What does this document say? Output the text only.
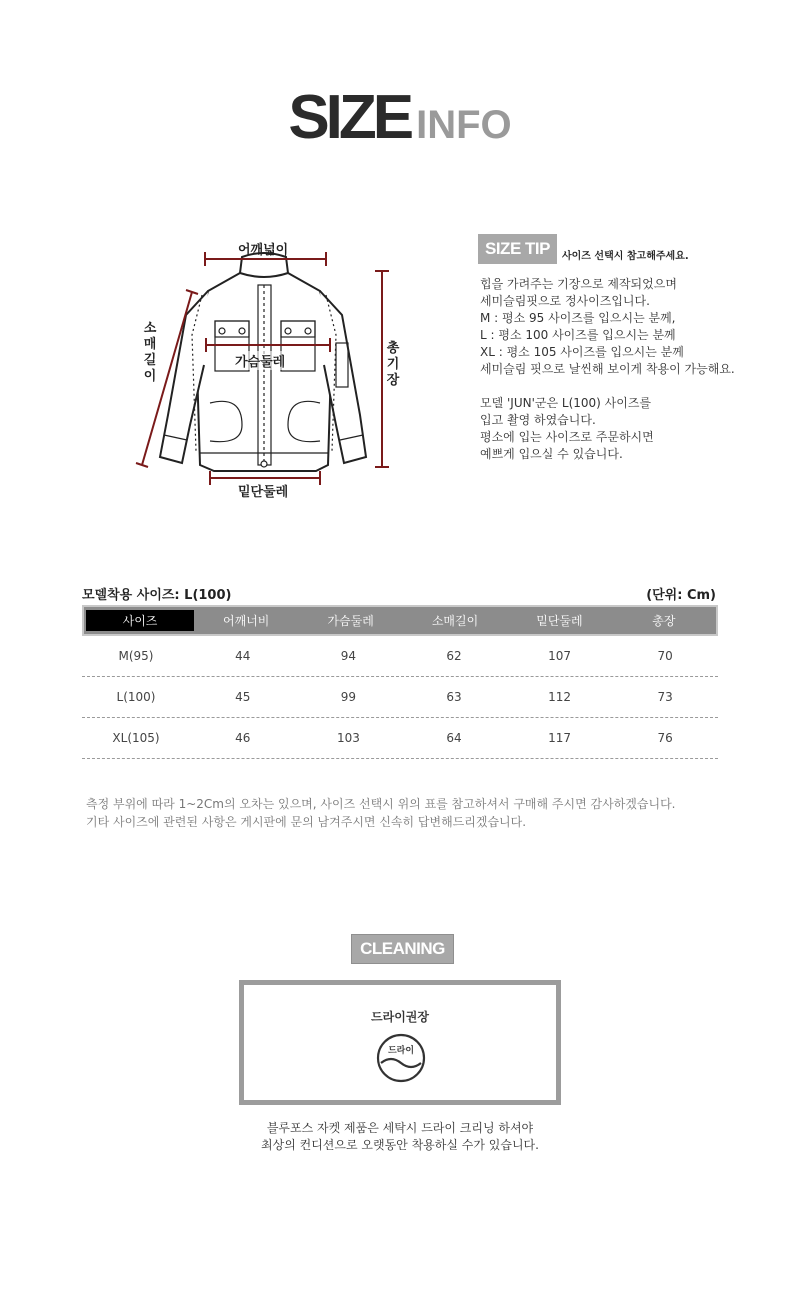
SIZE INFO
어깨넓이
가슴둘레
밑단둘레
소매길이
총기장
SIZE TIP	사이즈 선택시 참고해주세요.

힙을 가려주는 기장으로 제작되었으며

세미슬림핏으로 정사이즈입니다.

M : 평소 95 사이즈를 입으시는 분께,

L : 평소 100 사이즈를 입으시는 분께

XL : 평소 105 사이즈를 입으시는 분께

세미슬림 핏으로 날씬해 보이게 착용이 가능해요.

모델 'JUN'군은 L(100) 사이즈를

입고 촬영 하였습니다.

평소에 입는 사이즈로 주문하시면

예쁘게 입으실 수 있습니다.

모델착용 사이즈: L(100)	(단위: Cm)
사이즈	어깨너비	가슴둘레	소매길이	밑단둘레	총장
M(95)	44	94	62	107	70
L(100)	45	99	63	112	73
XL(105)	46	103	64	117	76

측정 부위에 따라 1~2Cm의 오차는 있으며, 사이즈 선택시 위의 표를 참고하셔서 구매해 주시면 감사하겠습니다.

기타 사이즈에 관련된 사항은 게시판에 문의 남겨주시면 신속히 답변해드리겠습니다.

CLEANING
드라이권장
드라이

블루포스 자켓 제품은 세탁시 드라이 크리닝 하셔야

최상의 컨디션으로 오랫동안 착용하실 수가 있습니다.
